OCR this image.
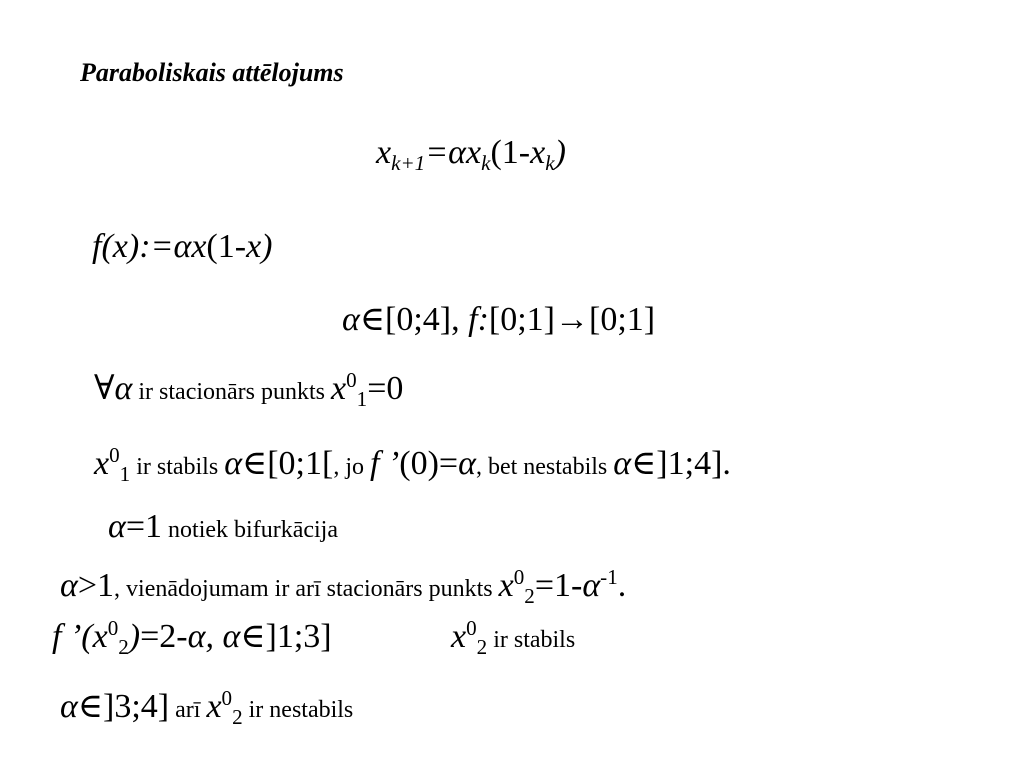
Paraboliskais attēlojums
$x_{k+1}=\alpha x_k(1-x_k)$
f(x):=αx(1-x)
α∈[0;4], f:[0;1]→[0;1]
∀α ir stacionārs punkts $x^0_1=0$
$x^0_1$ ir stabils α∈[0;1[, jo f ’(0)=α, bet nestabils α∈]1;4].
α=1 notiek bifurkācija
α>1, vienādojumam ir arī stacionārs punkts $x^0_2=1-\alpha^{-1}$.
f $’(x^0_2)=2-\alpha$, α∈]1;3]	$x^0_2$ ir stabils
α∈]3;4] arī $x^0_2$ ir nestabils
